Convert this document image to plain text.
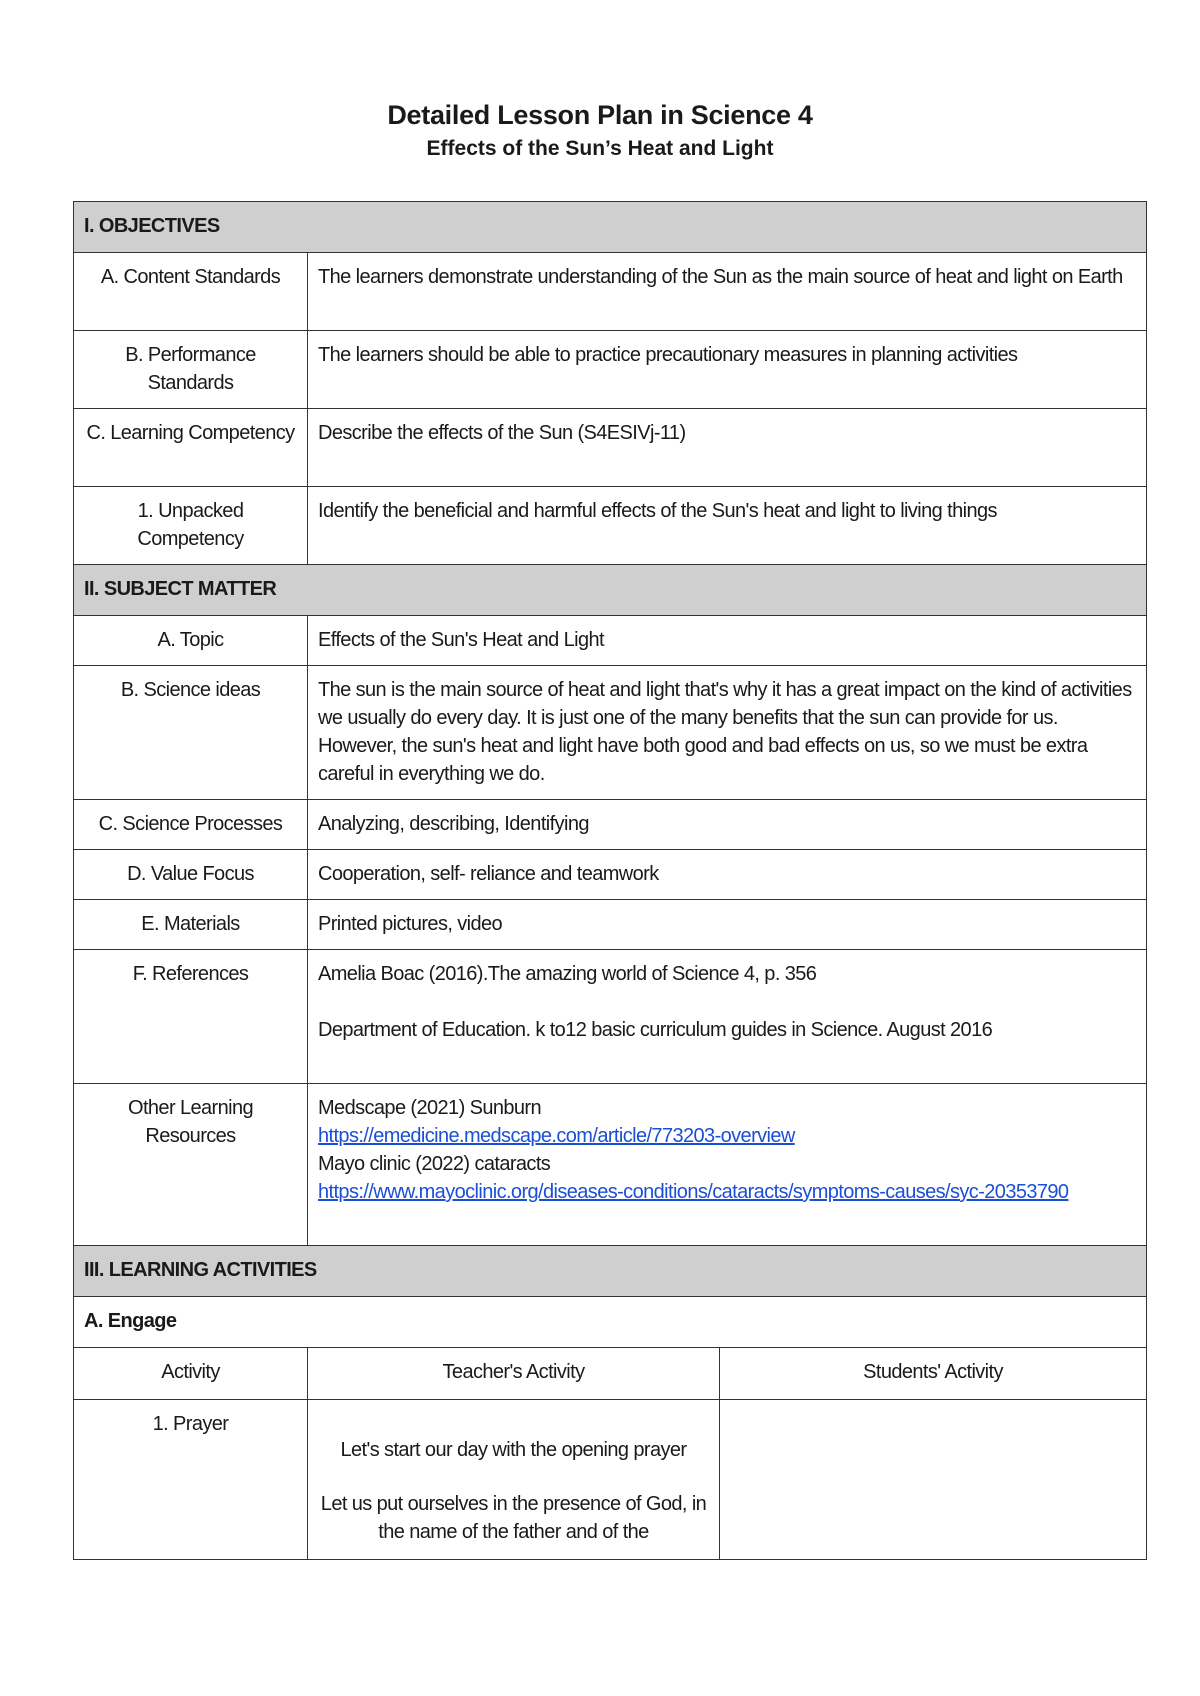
Detailed Lesson Plan in Science 4
Effects of the Sun’s Heat and Light
I. OBJECTIVES		
A. Content Standards	The learners demonstrate understanding of the Sun as the main source of heat and light on Earth	
B. Performance Standards	The learners should be able to practice precautionary measures in planning activities	
C. Learning Competency	Describe the effects of the Sun (S4ESIVj-11)	
1. Unpacked Competency	Identify the beneficial and harmful effects of the Sun's heat and light to living things	
II. SUBJECT MATTER		
A. Topic	Effects of the Sun's Heat and Light	
B. Science ideas	The sun is the main source of heat and light that's why it has a great impact on the kind of activities we usually do every day. It is just one of the many benefits that the sun can provide for us. However, the sun's heat and light have both good and bad effects on us, so we must be extra careful in everything we do.	
C. Science Processes	Analyzing, describing, Identifying	
D. Value Focus	Cooperation, self- reliance and teamwork	
E. Materials	Printed pictures, video	
F. References	Amelia Boac (2016).The amazing world of Science 4, p. 356

Department of Education. k to12 basic curriculum guides in Science. August 2016	

Other Learning Resources	Medscape (2021) Sunburn
https://emedicine.medscape.com/article/773203-overview
Mayo clinic (2022) cataracts
https://www.mayoclinic.org/diseases-conditions/cataracts/symptoms-causes/syc-20353790	

III. LEARNING ACTIVITIES		
A. Engage		
Activity	Teacher's Activity	Students' Activity
1. Prayer	Let's start our day with the opening prayer
Let us put ourselves in the presence of God, in the name of the father and of the	
